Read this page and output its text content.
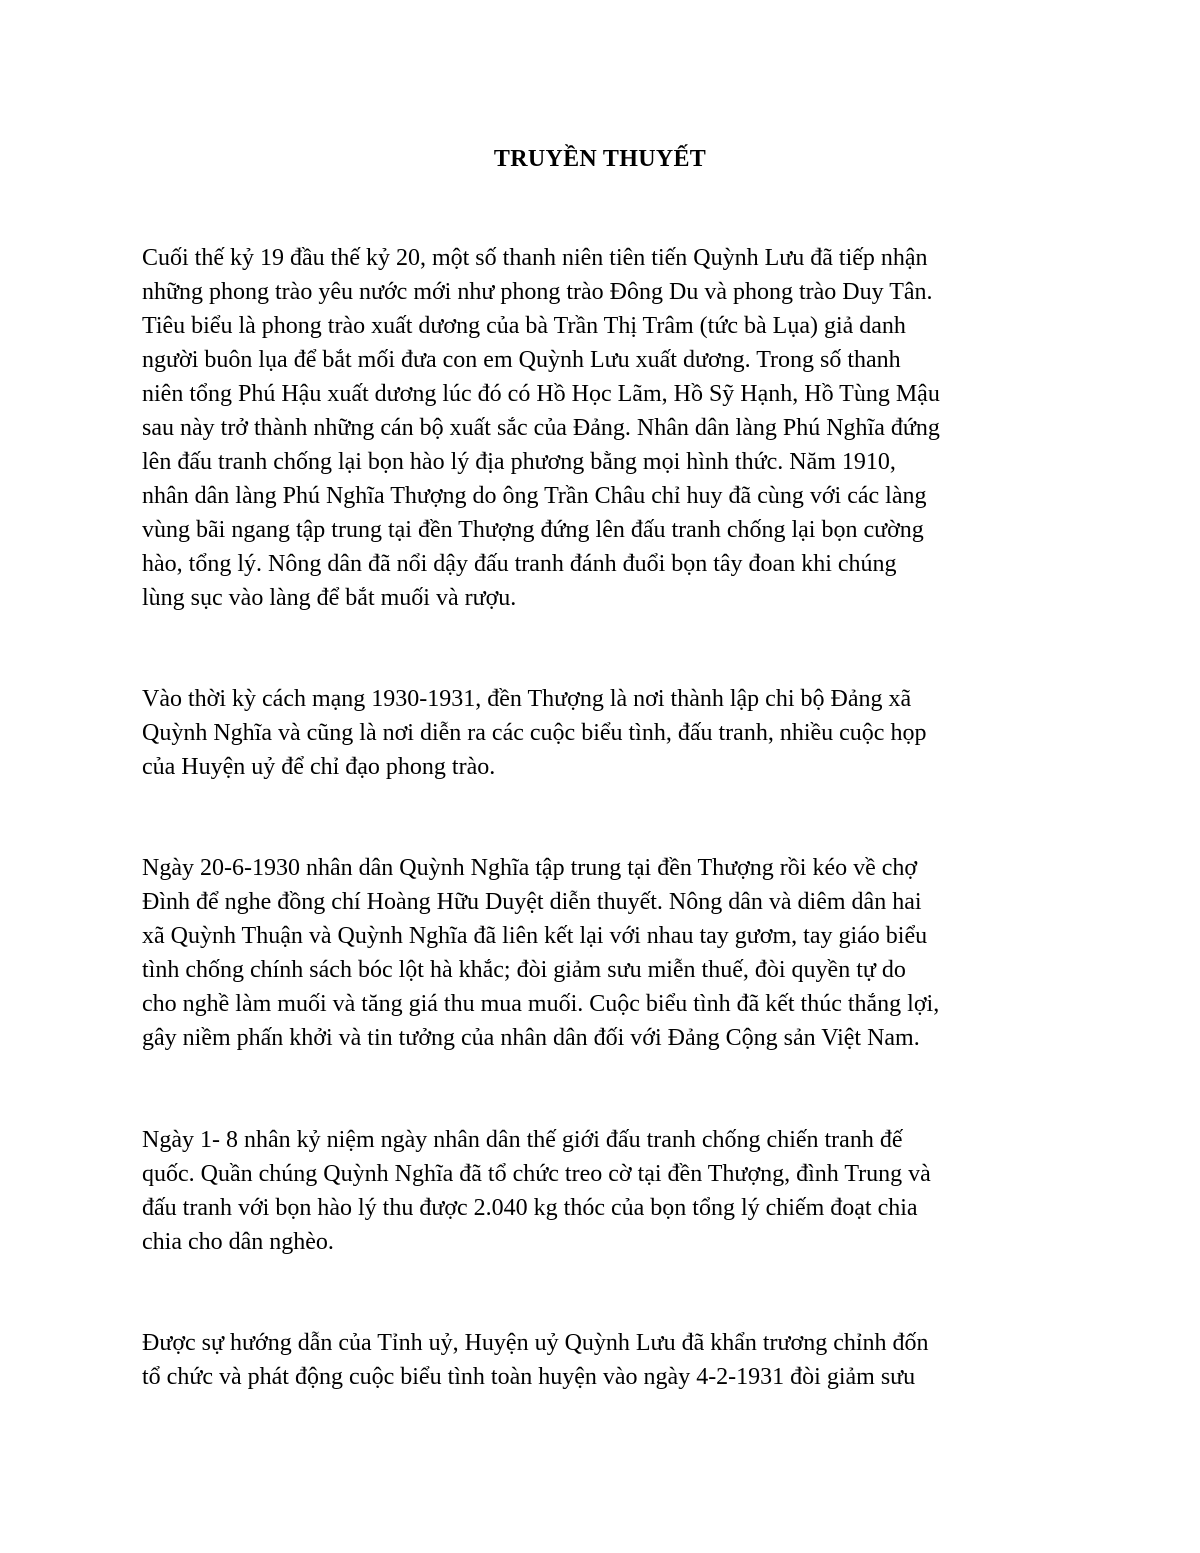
TRUYỀN THUYẾT

Cuối thế kỷ 19 đầu thế kỷ 20, một số thanh niên tiên tiến Quỳnh Lưu đã tiếp nhận
những phong trào yêu nước mới như phong trào Đông Du và phong trào Duy Tân.
Tiêu biểu là phong trào xuất dương của bà Trần Thị Trâm (tức bà Lụa) giả danh
người buôn lụa để bắt mối đưa con em Quỳnh Lưu xuất dương. Trong số thanh
niên tổng Phú Hậu xuất dương lúc đó có Hồ Học Lãm, Hồ Sỹ Hạnh, Hồ Tùng Mậu
sau này trở thành những cán bộ xuất sắc của Đảng. Nhân dân làng Phú Nghĩa đứng
lên đấu tranh chống lại bọn hào lý địa phương bằng mọi hình thức. Năm 1910,
nhân dân làng Phú Nghĩa Thượng do ông Trần Châu chỉ huy đã cùng với các làng
vùng bãi ngang tập trung tại đền Thượng đứng lên đấu tranh chống lại bọn cường
hào, tổng lý. Nông dân đã nổi dậy đấu tranh đánh đuổi bọn tây đoan khi chúng
lùng sục vào làng để bắt muối và rượu.

Vào thời kỳ cách mạng 1930-1931, đền Thượng là nơi thành lập chi bộ Đảng xã
Quỳnh Nghĩa và cũng là nơi diễn ra các cuộc biểu tình, đấu tranh, nhiều cuộc họp
của Huyện uỷ để chỉ đạo phong trào.

Ngày 20-6-1930 nhân dân Quỳnh Nghĩa tập trung tại đền Thượng rồi kéo về chợ
Đình để nghe đồng chí Hoàng Hữu Duyệt diễn thuyết. Nông dân và diêm dân hai
xã Quỳnh Thuận và Quỳnh Nghĩa đã liên kết lại với nhau tay gươm, tay giáo biểu
tình chống chính sách bóc lột hà khắc; đòi giảm sưu miễn thuế, đòi quyền tự do
cho nghề làm muối và tăng giá thu mua muối. Cuộc biểu tình đã kết thúc thắng lợi,
gây niềm phấn khởi và tin tưởng của nhân dân đối với Đảng Cộng sản Việt Nam.

Ngày 1- 8 nhân kỷ niệm ngày nhân dân thế giới đấu tranh chống chiến tranh đế
quốc. Quần chúng Quỳnh Nghĩa đã tổ chức treo cờ tại đền Thượng, đình Trung và
đấu tranh với bọn hào lý thu được 2.040 kg thóc của bọn tổng lý chiếm đoạt chia
chia cho dân nghèo.

Được sự hướng dẫn của Tỉnh uỷ, Huyện uỷ Quỳnh Lưu đã khẩn trương chỉnh đốn
tổ chức và phát động cuộc biểu tình toàn huyện vào ngày 4-2-1931 đòi giảm sưu
